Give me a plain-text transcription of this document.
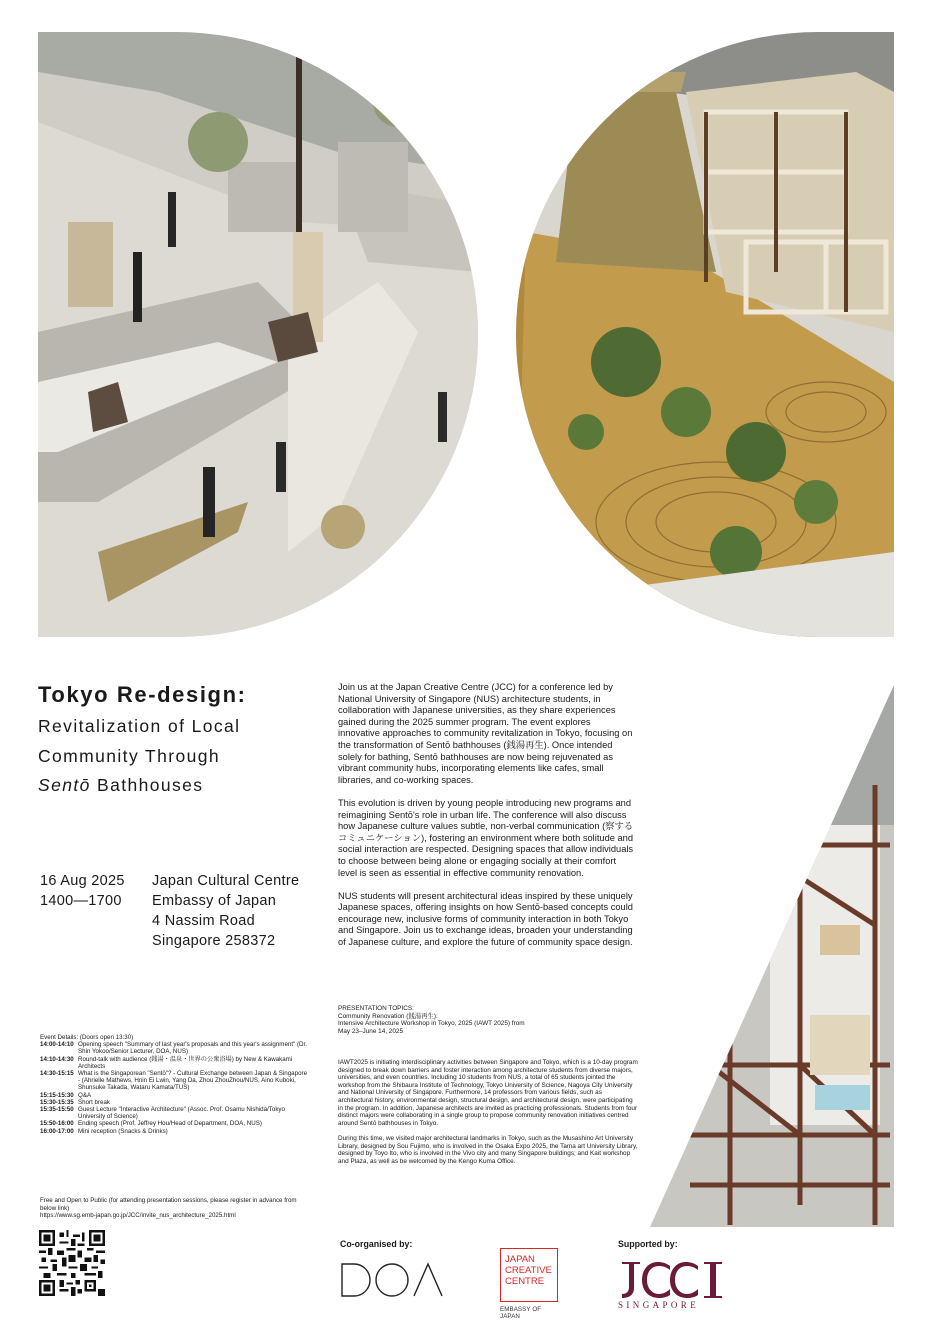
Tokyo Re-design:
Revitalization of Local
Community Through
Sentō Bathhouses
16 Aug 2025
1400—1700
Japan Cultural Centre
Embassy of Japan
4 Nassim Road
Singapore 258372
Event Details: (Doors open 13:30)
14:00-14:10 Opening speech "Summary of last year's proposals and this year's assignment" (Dr. Shin Yokoo/Senior Lecturer, DOA, NUS)
14:10-14:30 Round-talk with audience (銭湯・温泉・世界の公衆浴場) by New & Kawakami Architects
14:30-15:15 What is the Singaporean "Sentō"? - Cultural Exchange between Japan & Singapore - (Ahrielle Mathews, Hnin Ei Lwin, Yang Da, Zhou ZhouZhou/NUS, Aino Kuboki, Shunsuke Takada, Wataru Kamata/TUS)
15:15-15:30 Q&A
15:30-15:35 Short break
15:35-15:50 Guest Lecture "Interactive Architecture" (Assoc. Prof. Osamu Nishida/Tokyo University of Science)
15:50-16:00 Ending speech (Prof. Jeffrey Hou/Head of Department, DOA, NUS)
16:00-17:00 Mini reception (Snacks & Drinks)
Free and Open to Public (for attending presentation sessions, please register in advance from below link)
https://www.sg.emb-japan.go.jp/JCC/invite_nus_architecture_2025.html

Join us at the Japan Creative Centre (JCC) for a conference led by National University of Singapore (NUS) architecture students, in collaboration with Japanese universities, as they share experiences gained during the 2025 summer program. The event explores innovative approaches to community revitalization in Tokyo, focusing on the transformation of Sentō bathhouses (銭湯再生). Once intended solely for bathing, Sentō bathhouses are now being rejuvenated as vibrant community hubs, incorporating elements like cafes, small libraries, and co-working spaces.

This evolution is driven by young people introducing new programs and reimagining Sentō's role in urban life. The conference will also discuss how Japanese culture values subtle, non-verbal communication (察するコミュニケーション), fostering an environment where both solitude and social interaction are respected. Designing spaces that allow individuals to choose between being alone or engaging socially at their comfort level is seen as essential in effective community renovation.

NUS students will present architectural ideas inspired by these uniquely Japanese spaces, offering insights on how Sentō-based concepts could encourage new, inclusive forms of community interaction in both Tokyo and Singapore. Join us to exchange ideas, broaden your understanding of Japanese culture, and explore the future of community space design.

PRESENTATION TOPICS:
Community Renovation (銭湯再生):
Intensive Architecture Workshop in Tokyo, 2025 (IAWT 2025) from
May 23–June 14, 2025

IAWT2025 is initiating interdisciplinary activities between Singapore and Tokyo, which is a 10-day program designed to break down barriers and foster interaction among architecture students from diverse majors, universities, and even countries. Including 10 students from NUS, a total of 65 students jointed the workshop from the Shibaura Institute of Technology, Tokyo University of Science, Nagoya City University and National University of Singapore. Furthermore, 14 professors from various fields, such as architectural history, environmental design, structural design, and architectural design, were participating in the program. In addition, Japanese architects are invited as practicing professionals. Students from four distinct majors were collaborating in a single group to propose community renovation initiatives centred around Sentō bathhouses in Tokyo.

During this time, we visited major architectural landmarks in Tokyo, such as the Musashino Art University Library, designed by Sou Fujimo, who is involved in the Osaka Expo 2025, the Tama art University Library, designed by Toyo Ito, who is involved in the Vivo city and many Singapore buildings; and Kait workshop and Plaza, as well as be welcomed by the Kengo Kuma Office.

Co-organised by:	Supported by:
JAPAN
CREATIVE
CENTRE
EMBASSY OF JAPAN
SINGAPORE
